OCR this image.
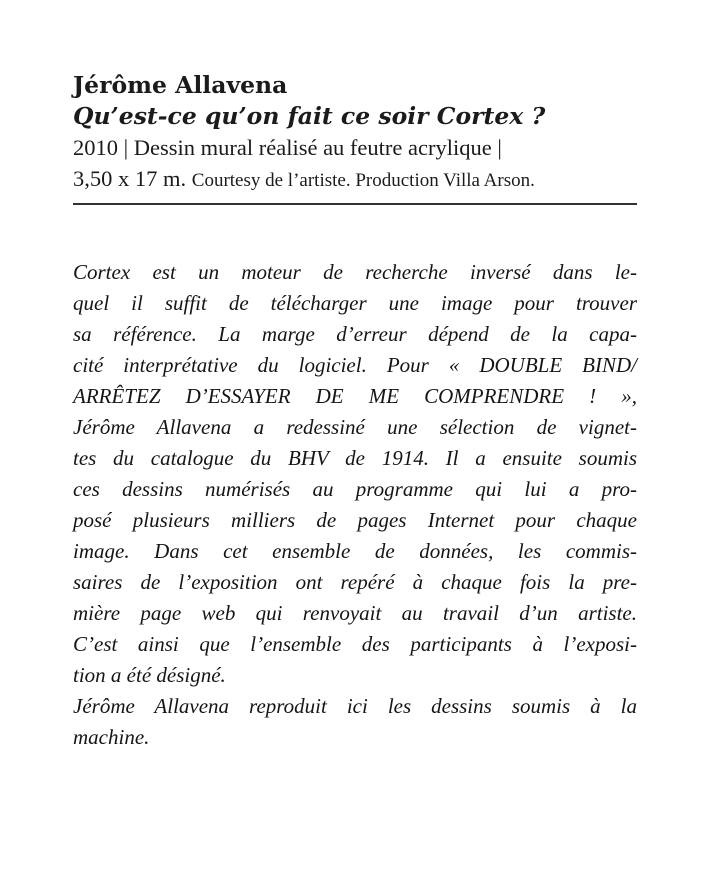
Jérôme Allavena
Qu’est-ce qu’on fait ce soir Cortex ?
2010 | Dessin mural réalisé au feutre acrylique |
3,50 x 17 m. Courtesy de l’artiste. Production Villa Arson.
Cortex est un moteur de recherche inversé dans le-
quel il suffit de télécharger une image pour trouver
sa référence. La marge d’erreur dépend de la capa-
cité interprétative du logiciel. Pour « DOUBLE BIND/
ARRÊTEZ D’ESSAYER DE ME COMPRENDRE ! »,
Jérôme Allavena a redessiné une sélection de vignet-
tes du catalogue du BHV de 1914. Il a ensuite soumis
ces dessins numérisés au programme qui lui a pro-
posé plusieurs milliers de pages Internet pour chaque
image. Dans cet ensemble de données, les commis-
saires de l’exposition ont repéré à chaque fois la pre-
mière page web qui renvoyait au travail d’un artiste.
C’est ainsi que l’ensemble des participants à l’exposi-
tion a été désigné.
Jérôme Allavena reproduit ici les dessins soumis à la
machine.
